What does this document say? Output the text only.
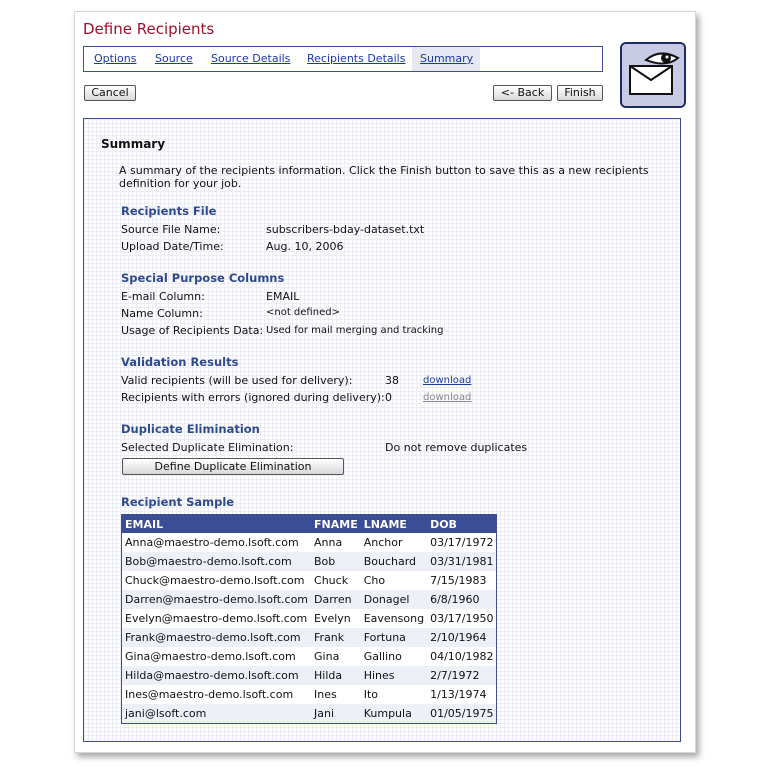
Define Recipients
Options	Source	Source Details	Recipients Details	Summary
Cancel	<- Back	Finish
Summary
A summary of the recipients information. Click the Finish button to save this as a new recipients
definition for your job.
Recipients File
Source File Name:	subscribers-bday-dataset.txt
Upload Date/Time:	Aug. 10, 2006
Special Purpose Columns
E-mail Column:	EMAIL
Name Column:	<not defined>
Usage of Recipients Data: Used for mail merging and tracking
Validation Results
Valid recipients (will be used for delivery):	38 download
Recipients with errors (ignored during delivery): 0	download
Duplicate Elimination
Selected Duplicate Elimination:	Do not remove duplicates
Define Duplicate Elimination
Recipient Sample
EMAIL	FNAME	LNAME	DOB
Anna@maestro-demo.lsoft.com	Anna	Anchor	03/17/1972
Bob@maestro-demo.lsoft.com	Bob	Bouchard	03/31/1981
Chuck@maestro-demo.lsoft.com	Chuck	Cho	7/15/1983
Darren@maestro-demo.lsoft.com	Darren	Donagel	6/8/1960
Evelyn@maestro-demo.lsoft.com	Evelyn	Eavensong	03/17/1950
Frank@maestro-demo.lsoft.com	Frank	Fortuna	2/10/1964
Gina@maestro-demo.lsoft.com	Gina	Gallino	04/10/1982
Hilda@maestro-demo.lsoft.com	Hilda	Hines	2/7/1972
Ines@maestro-demo.lsoft.com	Ines	Ito	1/13/1974
jani@lsoft.com	Jani	Kumpula	01/05/1975
